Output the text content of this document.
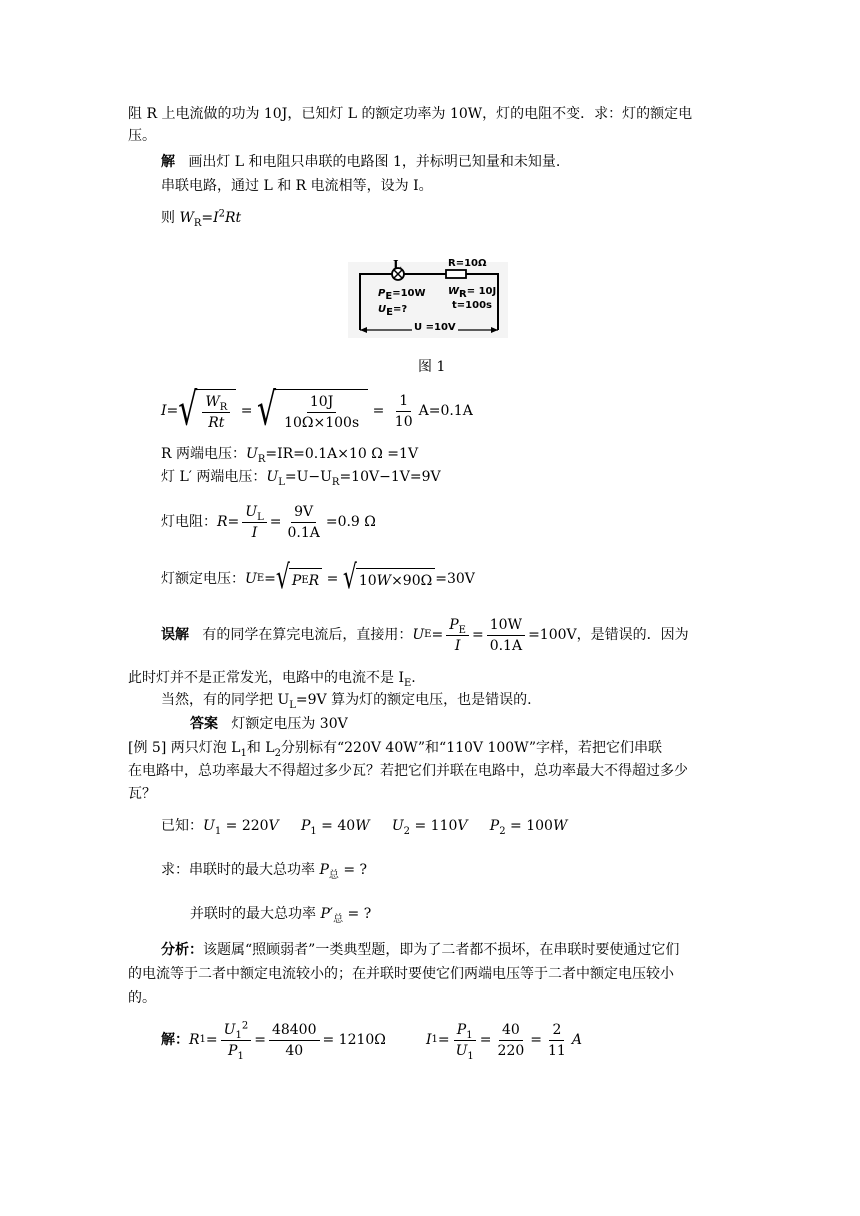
阻 R 上电流做的功为 10J，已知灯 L 的额定功率为 10W，灯的电阻不变．求：灯的额定电
压。
解 画出灯 L 和电阻只串联的电路图 1，并标明已知量和未知量.
串联电路，通过 L 和 R 电流相等，设为 I。
则 $W_R=I^2Rt$
L	R=10Ω
$P_E=10W$
$U_E=$?
$W_R= 10J$
t=100s
U =10V
图 1
I = √ $\frac{W_R}{Rt}$ = √ $\frac{10J}{10\Omega\times 100s} = \frac{1}{10} A=0.1A$
R 两端电压：$U_R=IR=0.1A\times 10$ Ω =1V
灯 L′ 两端电压：$U_L=U-U_R=10V-1V=9V$
灯电阻： $R = \frac{U_L}{I} = \frac{9V}{0.1A} =0.9$ Ω
灯额定电压： U E = √ P E R = √ 10 W ×90Ω =30V
误解
有的同学在算完电流后，直接用： U $E = \frac{P_E}{I} = \frac{10W}{0.1A} =100V$，是错误的．因为
此时灯并不是正常发光，电路中的电流不是 $I_E$.
当然，有的同学把 $U_L=9V$ 算为灯的额定电压，也是错误的.
答案 灯额定电压为 30V
[例 5] 两只灯泡 $L_1$和 $L_2$分别标有“220V 40W”和“110V 100W”字样，若把它们串联
在电路中，总功率最大不得超过多少瓦？若把它们并联在电路中，总功率最大不得超过多少
瓦？
已知：$U_1 = 220V$ $P_1 = 40W$ $U_2 = 110V$ $P_2 = 100W$
求：串联时的最大总功率 $P_总$ = ?
并联时的最大总功率 $P'_总$ = ?
分析：该题属“照顾弱者”一类典型题，即为了二者都不损坏，在串联时要使通过它们
的电流等于二者中额定电流较小的；在并联时要使它们两端电压等于二者中额定电压较小
的。
解： R $1 = \frac{U_1^2}{P_1} = \frac{48400}{40} = 1210\Omega$ I $1 = \frac{P_1}{U_1} = \frac{40}{220} = \frac{2}{11}$ A
